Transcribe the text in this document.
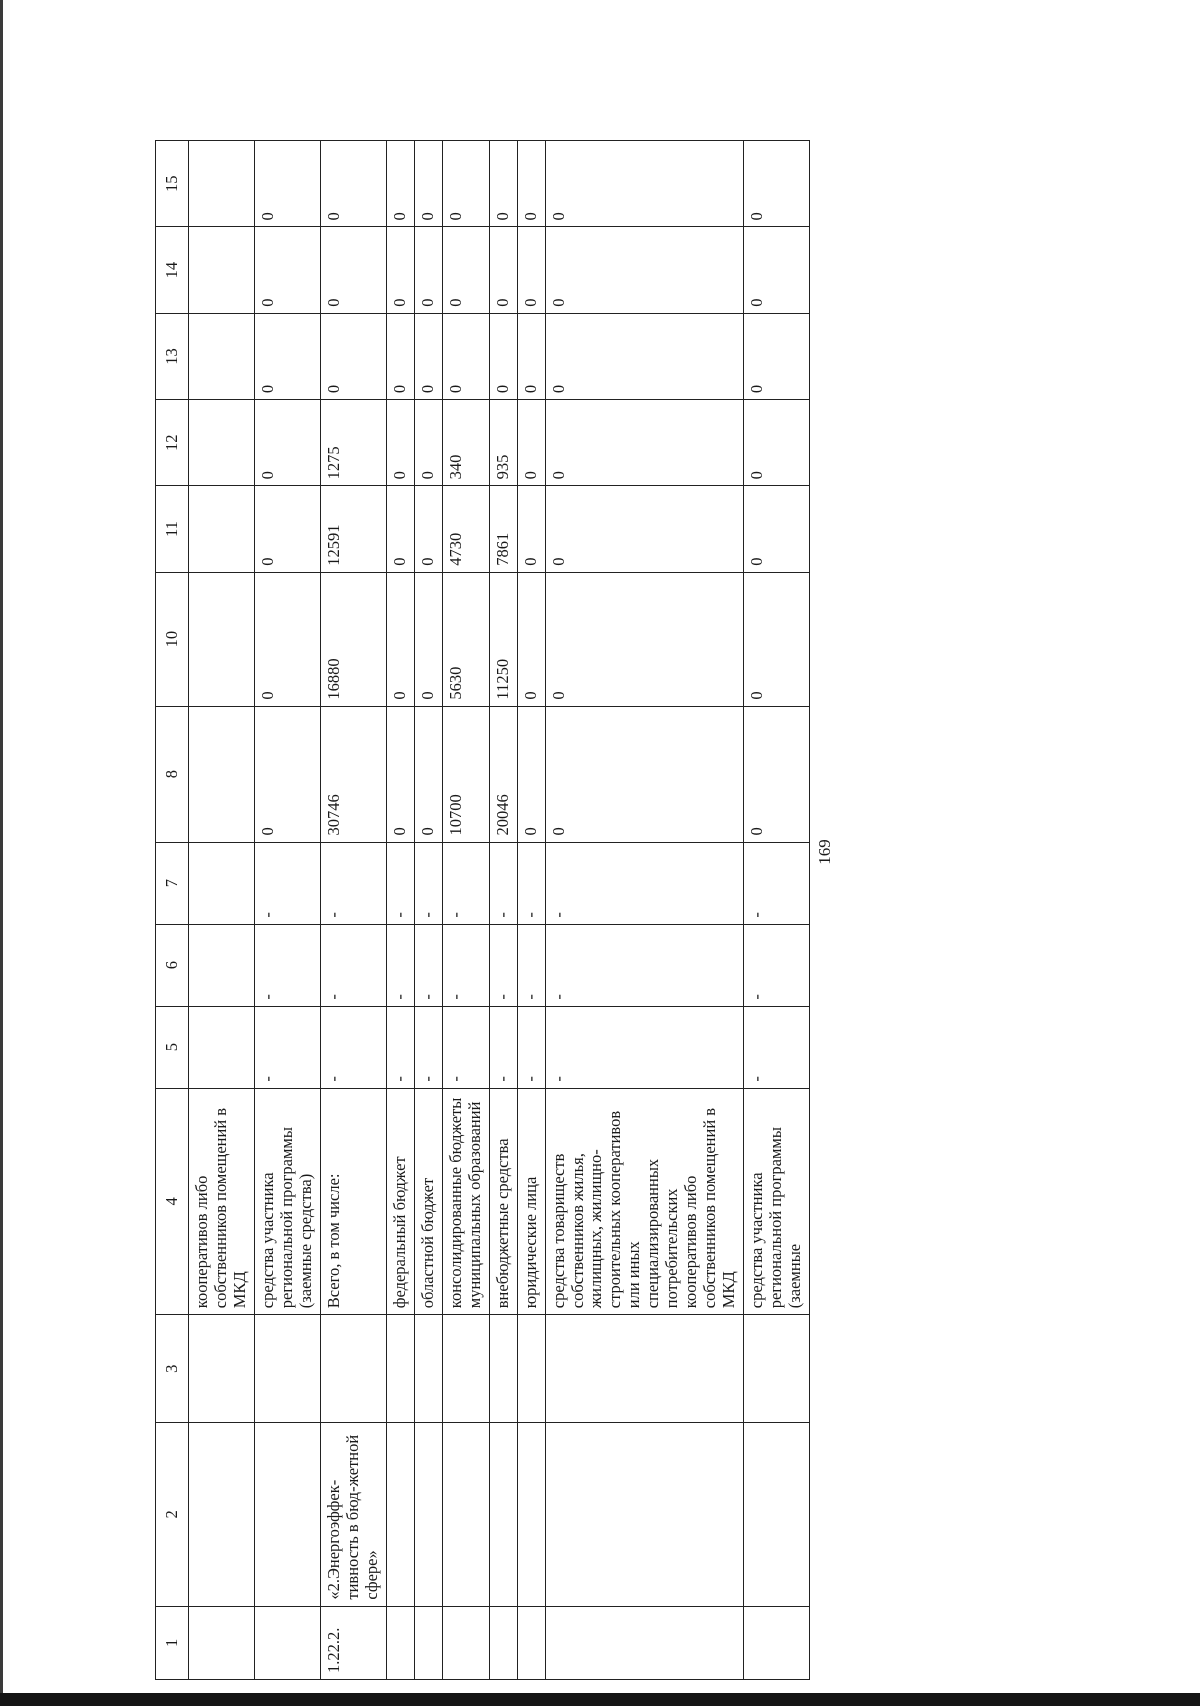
169
1	2	3	4	5	6	7	8	10	11	12	13	14	15
			кооперативов либо собственников помещений в МКД										
			средства участника региональной программы (заемные средства)	-	-	-	0	0	0	0	0	0	0
1.22.2.	«2.Энергоэффек-тивность в бюд-жетной сфере»		Всего, в том числе:	-	-	-	30746	16880	12591	1275	0	0	0
			федеральный бюджет	-	-	-	0	0	0	0	0	0	0
			областной бюджет	-	-	-	0	0	0	0	0	0	0
			консолидированные бюджеты муниципальных образований	-	-	-	10700	5630	4730	340	0	0	0
			внебюджетные средства	-	-	-	20046	11250	7861	935	0	0	0
			юридические лица	-	-	-	0	0	0	0	0	0	0
			средства товариществ собственников жилья, жилищных, жилищно-строительных кооперативов или иных специализированных потребительских кооперативов либо собственников помещений в МКД	-	-	-	0	0	0	0	0	0	0
			средства участника региональной программы (заемные	-	-	-	0	0	0	0	0	0	0
